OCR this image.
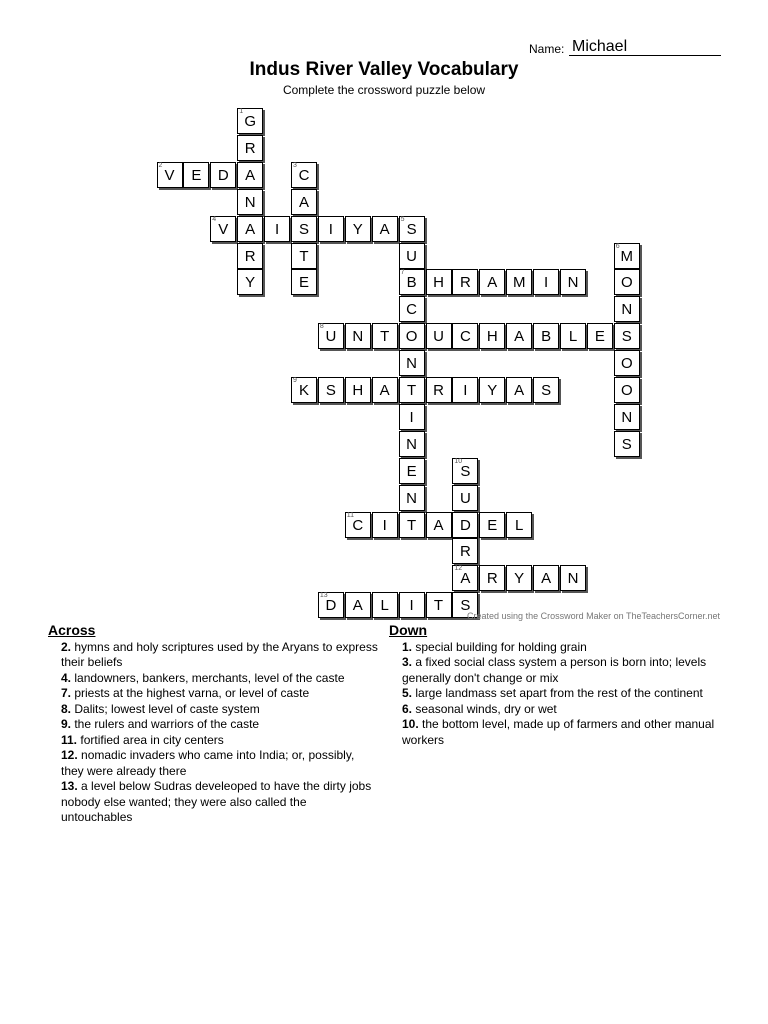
Name: Michael
Indus River Valley Vocabulary
Complete the crossword puzzle below
1
G
R
2
V	E	D	A
3
C
N	A
4
V	A	I	S	I	Y	A
5
S
R	T	U
6
M
Y	E
7
B	H	R	A	M	I	N	O
C	N
8
U	N	T	O	U	C	H	A	B	L	E	S
N	O
9
K	S	H	A	T	R	I	Y	A	S	O
I	N
N	S
E
10
S
N	U
11
C	I	T	A	D	E	L
R
12
A	R	Y	A	N
13
D	A	L	I	T	S
Created using the Crossword Maker on TheTeachersCorner.net
Across
2. hymns and holy scriptures used by the Aryans to express their beliefs
4. landowners, bankers, merchants, level of the caste
7. priests at the highest varna, or level of caste
8. Dalits; lowest level of caste system
9. the rulers and warriors of the caste
11. fortified area in city centers
12. nomadic invaders who came into India; or, possibly, they were already there
13. a level below Sudras develeoped to have the dirty jobs nobody else wanted; they were also called the untouchables
Down
1. special building for holding grain
3. a fixed social class system a person is born into; levels generally don't change or mix
5. large landmass set apart from the rest of the continent
6. seasonal winds, dry or wet
10. the bottom level, made up of farmers and other manual workers
